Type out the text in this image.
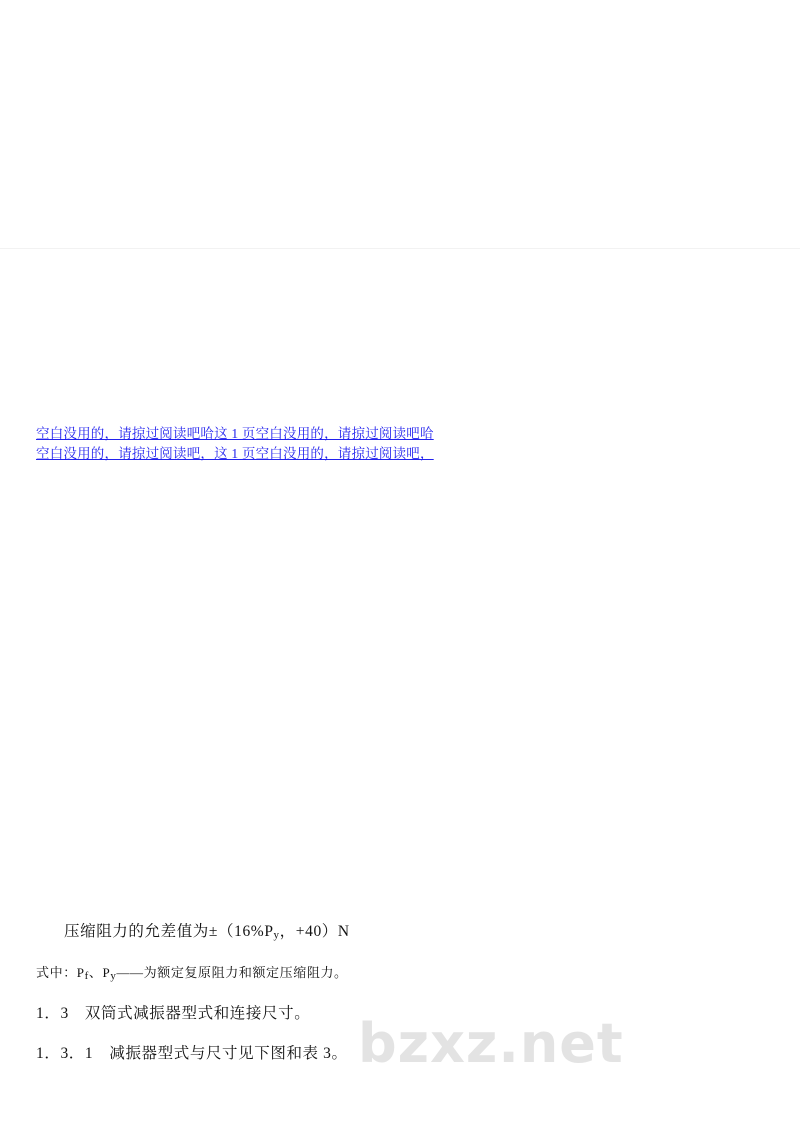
空白没用的，请掠过阅读吧哈这 1 页空白没用的，请掠过阅读吧哈
空白没用的，请掠过阅读吧，这 1 页空白没用的，请掠过阅读吧，
压缩阻力的允差值为±（16%Py，+40）N
式中：Pf、Py——为额定复原阻力和额定压缩阻力。
1．3　双筒式减振器型式和连接尺寸。
1．3．1　减振器型式与尺寸见下图和表 3。 bzxz.net
